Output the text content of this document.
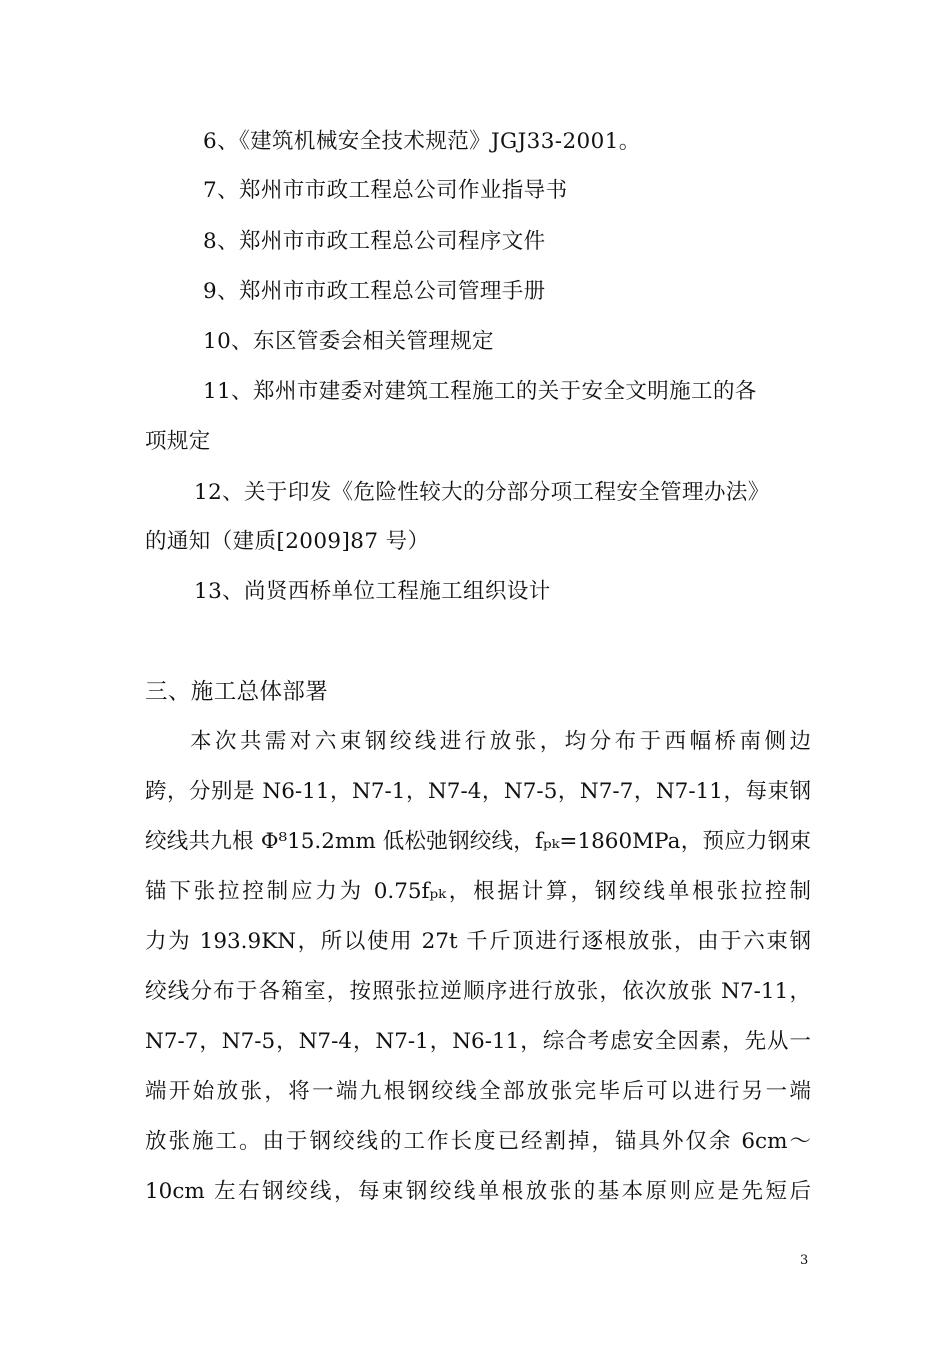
6、《建筑机械安全技术规范》JGJ33-2001。
7、郑州市市政工程总公司作业指导书
8、郑州市市政工程总公司程序文件
9、郑州市市政工程总公司管理手册
10、东区管委会相关管理规定
11、郑州市建委对建筑工程施工的关于安全文明施工的各
项规定
12、关于印发《危险性较大的分部分项工程安全管理办法》
的通知（建质[2009]87 号）
13、尚贤西桥单位工程施工组织设计
三、施工总体部署
本次共需对六束钢绞线进行放张，均分布于西幅桥南侧边
跨，分别是 N6-11，N7-1，N7-4，N7-5，N7-7，N7-11，每束钢
绞线共九根 Φ⁸15.2mm 低松弛钢绞线，fₚₖ=1860MPa，预应力钢束
锚下张拉控制应力为 0.75fₚₖ，根据计算，钢绞线单根张拉控制
力为 193.9KN，所以使用 27t 千斤顶进行逐根放张，由于六束钢
绞线分布于各箱室，按照张拉逆顺序进行放张，依次放张 N7-11，
N7-7，N7-5，N7-4，N7-1，N6-11，综合考虑安全因素，先从一
端开始放张，将一端九根钢绞线全部放张完毕后可以进行另一端
放张施工。由于钢绞线的工作长度已经割掉，锚具外仅余 6cm～
10cm 左右钢绞线，每束钢绞线单根放张的基本原则应是先短后
3
